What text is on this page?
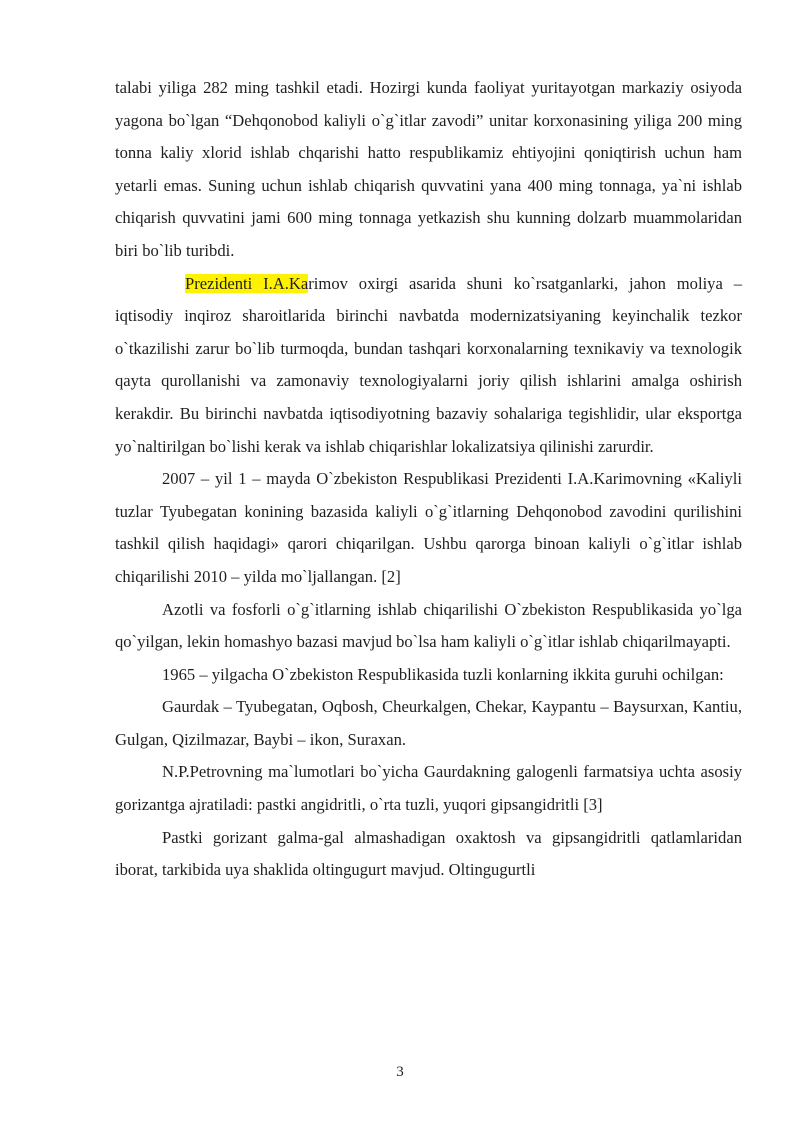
talabi yiliga 282 ming tashkil etadi. Hozirgi kunda faoliyat yuritayotgan markaziy osiyoda yagona bo`lgan “Dehqonobod kaliyli o`g`itlar zavodi” unitar korxonasining yiliga 200 ming tonna kaliy xlorid ishlab chqarishi hatto respublikamiz ehtiyojini qoniqtirish uchun ham yetarli emas. Suning uchun ishlab chiqarish quvvatini yana 400 ming tonnaga, ya`ni ishlab chiqarish quvvatini jami 600 ming tonnaga yetkazish shu kunning dolzarb muammolaridan biri bo`lib turibdi.

Prezidenti I.A.Karimov oxirgi asarida shuni ko`rsatganlarki, jahon moliya – iqtisodiy inqiroz sharoitlarida birinchi navbatda modernizatsiyaning keyinchalik tezkor o`tkazilishi zarur bo`lib turmoqda, bundan tashqari korxonalarning texnikaviy va texnologik qayta qurollanishi va zamonaviy texnologiyalarni joriy qilish ishlarini amalga oshirish kerakdir. Bu birinchi navbatda iqtisodiyotning bazaviy sohalariga tegishlidir, ular eksportga yo`naltirilgan bo`lishi kerak va ishlab chiqarishlar lokalizatsiya qilinishi zarurdir.

2007 – yil 1 – mayda O`zbekiston Respublikasi Prezidenti I.A.Karimovning «Kaliyli tuzlar Tyubegatan konining bazasida kaliyli o`g`itlarning Dehqonobod zavodini qurilishini tashkil qilish haqidagi» qarori chiqarilgan. Ushbu qarorga binoan kaliyli o`g`itlar ishlab chiqarilishi 2010 – yilda mo`ljallangan. [2]

Azotli va fosforli o`g`itlarning ishlab chiqarilishi O`zbekiston Respublikasida yo`lga qo`yilgan, lekin homashyo bazasi mavjud bo`lsa ham kaliyli o`g`itlar ishlab chiqarilmayapti.

1965 – yilgacha O`zbekiston Respublikasida tuzli konlarning ikkita guruhi ochilgan:

Gaurdak – Tyubegatan, Oqbosh, Cheurkalgen, Chekar, Kaypantu – Baysurxan, Kantiu, Gulgan, Qizilmazar, Baybi – ikon, Suraxan.

N.P.Petrovning ma`lumotlari bo`yicha Gaurdakning galogenli farmatsiya uchta asosiy gorizantga ajratiladi: pastki angidritli, o`rta tuzli, yuqori gipsangidritli [3]

Pastki gorizant galma-gal almashadigan oxaktosh va gipsangidritli qatlamlaridan iborat, tarkibida uya shaklida oltingugurt mavjud. Oltingugurtli

3
